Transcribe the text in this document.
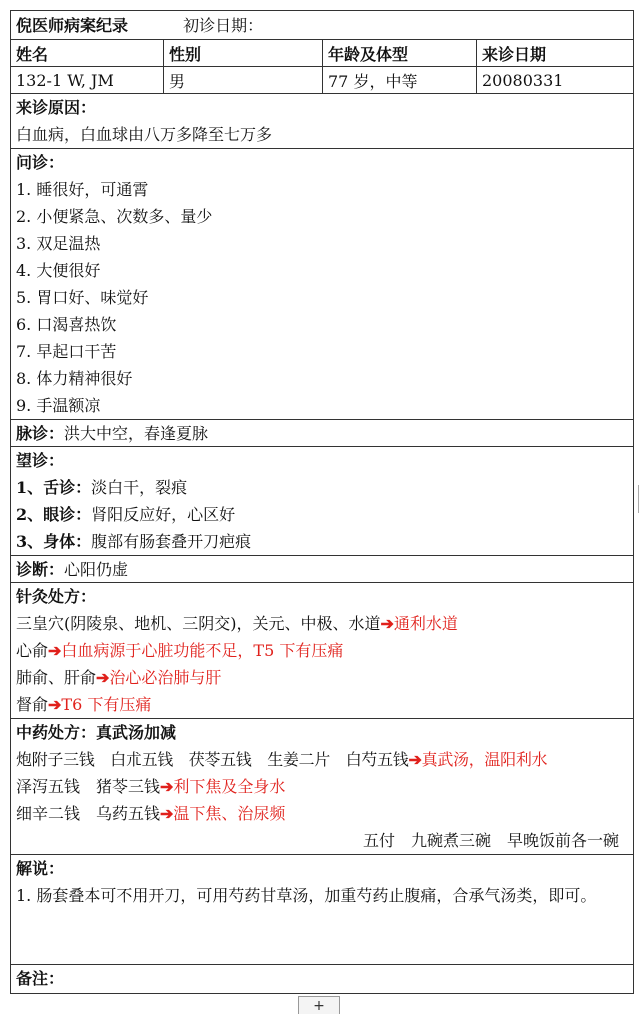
倪医师病案纪录	初诊日期：
姓名	性别	年龄及体型	来诊日期
132-1 W, JM	男	77 岁，中等	20080331
来诊原因：
白血病，白血球由八万多降至七万多
问诊：
1. 睡很好，可通霄
2. 小便紧急、次数多、量少
3. 双足温热
4. 大便很好
5. 胃口好、味觉好
6. 口渴喜热饮
7. 早起口干苦
8. 体力精神很好
9. 手温额凉
脉诊：洪大中空，春逢夏脉
望诊：
1、舌诊：淡白干，裂痕
2、眼诊：肾阳反应好，心区好
3、身体：腹部有肠套叠开刀疤痕
诊断：心阳仍虚
针灸处方：
三皇穴(阴陵泉、地机、三阴交)，关元、中极、水道➔通利水道
心俞➔白血病源于心脏功能不足，T5 下有压痛
肺俞、肝俞➔治心必治肺与肝
督俞➔T6 下有压痛
中药处方：真武汤加减
炮附子三钱　白朮五钱　茯苓五钱　生姜二片　白芍五钱➔真武汤，温阳利水
泽泻五钱　猪苓三钱➔利下焦及全身水
细辛二钱　乌药五钱➔温下焦、治尿频
五付　九碗煮三碗　早晚饭前各一碗
解说：
1. 肠套叠本可不用开刀，可用芍药甘草汤，加重芍药止腹痛，合承气汤类，即可。
备注：
+
